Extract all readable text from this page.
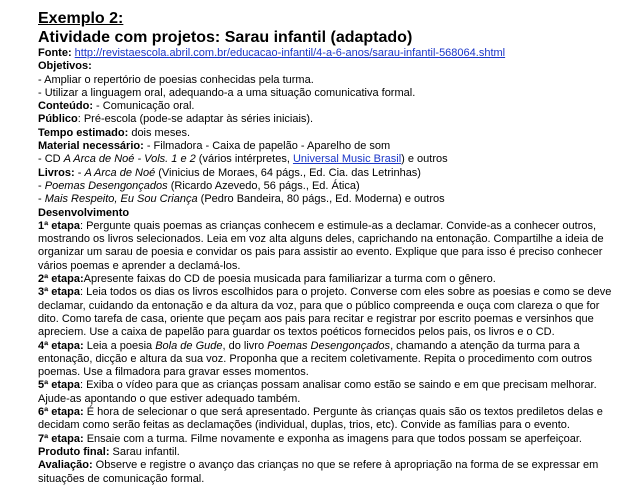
Exemplo 2:
Atividade com projetos: Sarau infantil (adaptado)

Fonte: http://revistaescola.abril.com.br/educacao-infantil/4-a-6-anos/sarau-infantil-568064.shtml

Objetivos:

- Ampliar o repertório de poesias conhecidas pela turma.

- Utilizar a linguagem oral, adequando-a a uma situação comunicativa formal.

Conteúdo: - Comunicação oral.

Público: Pré-escola (pode-se adaptar às séries iniciais).

Tempo estimado: dois meses.

Material necessário: - Filmadora - Caixa de papelão - Aparelho de som

- CD A Arca de Noé - Vols. 1 e 2 (vários intérpretes, Universal Music Brasil) e outros

Livros: - A Arca de Noé (Vinicius de Moraes, 64 págs., Ed. Cia. das Letrinhas)

- Poemas Desengonçados (Ricardo Azevedo, 56 págs., Ed. Ática)

- Mais Respeito, Eu Sou Criança (Pedro Bandeira, 80 págs., Ed. Moderna) e outros

Desenvolvimento

1ª etapa: Pergunte quais poemas as crianças conhecem e estimule-as a declamar. Convide-as a conhecer outros, mostrando os livros selecionados. Leia em voz alta alguns deles, caprichando na entonação. Compartilhe a ideia de organizar um sarau de poesia e convidar os pais para assistir ao evento. Explique que para isso é preciso conhecer vários poemas e aprender a declamá-los.

2ª etapa:Apresente faixas do CD de poesia musicada para familiarizar a turma com o gênero.

3ª etapa: Leia todos os dias os livros escolhidos para o projeto. Converse com eles sobre as poesias e como se deve declamar, cuidando da entonação e da altura da voz, para que o público compreenda e ouça com clareza o que for dito. Como tarefa de casa, oriente que peçam aos pais para recitar e registrar por escrito poemas e versinhos que apreciem. Use a caixa de papelão para guardar os textos poéticos fornecidos pelos pais, os livros e o CD.

4ª etapa: Leia a poesia Bola de Gude, do livro Poemas Desengonçados, chamando a atenção da turma para a entonação, dicção e altura da sua voz. Proponha que a recitem coletivamente. Repita o procedimento com outros poemas. Use a filmadora para gravar esses momentos.

5ª etapa: Exiba o vídeo para que as crianças possam analisar como estão se saindo e em que precisam melhorar. Ajude-as apontando o que estiver adequado também.

6ª etapa: É hora de selecionar o que será apresentado. Pergunte às crianças quais são os textos prediletos delas e decidam como serão feitas as declamações (individual, duplas, trios, etc). Convide as famílias para o evento.

7ª etapa: Ensaie com a turma. Filme novamente e exponha as imagens para que todos possam se aperfeiçoar.

Produto final: Sarau infantil.

Avaliação: Observe e registre o avanço das crianças no que se refere à apropriação na forma de se expressar em situações de comunicação formal.
